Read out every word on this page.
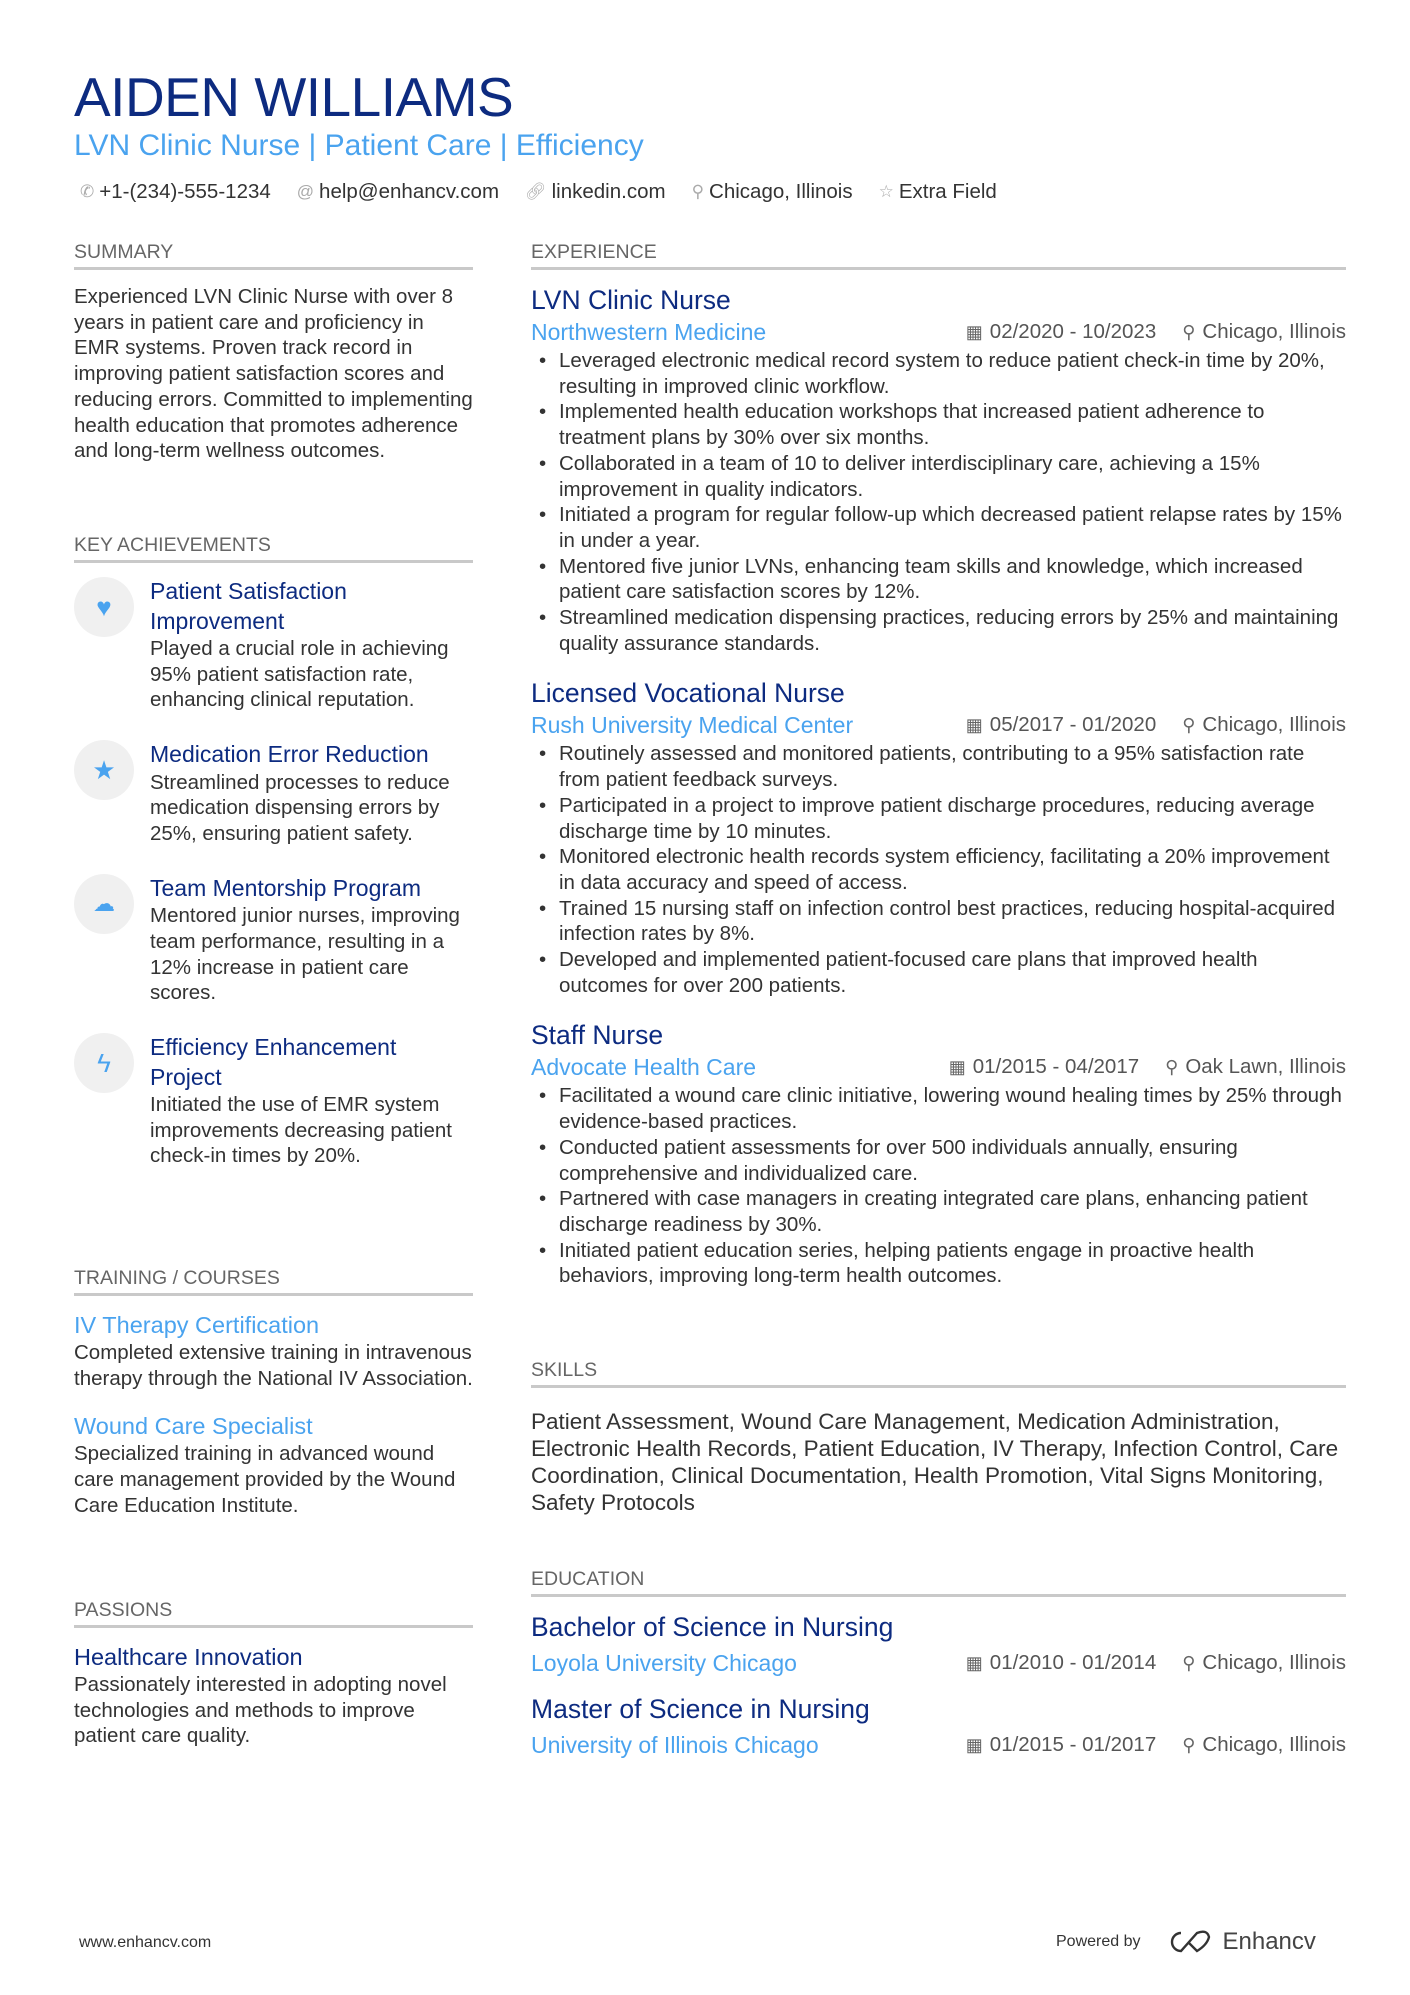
AIDEN WILLIAMS
LVN Clinic Nurse | Patient Care | Efficiency
✆ +1-(234)-555-1234 @ help@enhancv.com 🔗︎ linkedin.com ⚲ Chicago, Illinois ☆ Extra Field
SUMMARY
Experienced LVN Clinic Nurse with over 8 years in patient care and proficiency in EMR systems. Proven track record in improving patient satisfaction scores and reducing errors. Committed to implementing health education that promotes adherence and long-term wellness outcomes.
KEY ACHIEVEMENTS
♥
Patient Satisfaction Improvement
Played a crucial role in achieving 95% patient satisfaction rate, enhancing clinical reputation.
★
Medication Error Reduction
Streamlined processes to reduce medication dispensing errors by 25%, ensuring patient safety.
☁
Team Mentorship Program
Mentored junior nurses, improving team performance, resulting in a 12% increase in patient care scores.
ϟ
Efficiency Enhancement Project
Initiated the use of EMR system improvements decreasing patient check-in times by 20%.
TRAINING / COURSES
IV Therapy Certification
Completed extensive training in intravenous therapy through the National IV Association.
Wound Care Specialist
Specialized training in advanced wound care management provided by the Wound Care Education Institute.
PASSIONS
Healthcare Innovation
Passionately interested in adopting novel technologies and methods to improve patient care quality.
EXPERIENCE
LVN Clinic Nurse
Northwestern Medicine	▦ 02/2020 - 10/2023 ⚲ Chicago, Illinois
• Leveraged electronic medical record system to reduce patient check-in time by 20%, resulting in improved clinic workflow.
• Implemented health education workshops that increased patient adherence to treatment plans by 30% over six months.
• Collaborated in a team of 10 to deliver interdisciplinary care, achieving a 15% improvement in quality indicators.
• Initiated a program for regular follow-up which decreased patient relapse rates by 15% in under a year.
• Mentored five junior LVNs, enhancing team skills and knowledge, which increased patient care satisfaction scores by 12%.
• Streamlined medication dispensing practices, reducing errors by 25% and maintaining quality assurance standards.
Licensed Vocational Nurse
Rush University Medical Center	▦ 05/2017 - 01/2020 ⚲ Chicago, Illinois
• Routinely assessed and monitored patients, contributing to a 95% satisfaction rate from patient feedback surveys.
• Participated in a project to improve patient discharge procedures, reducing average discharge time by 10 minutes.
• Monitored electronic health records system efficiency, facilitating a 20% improvement in data accuracy and speed of access.
• Trained 15 nursing staff on infection control best practices, reducing hospital-acquired infection rates by 8%.
• Developed and implemented patient-focused care plans that improved health outcomes for over 200 patients.
Staff Nurse
Advocate Health Care	▦ 01/2015 - 04/2017 ⚲ Oak Lawn, Illinois
• Facilitated a wound care clinic initiative, lowering wound healing times by 25% through evidence-based practices.
• Conducted patient assessments for over 500 individuals annually, ensuring comprehensive and individualized care.
• Partnered with case managers in creating integrated care plans, enhancing patient discharge readiness by 30%.
• Initiated patient education series, helping patients engage in proactive health behaviors, improving long-term health outcomes.
SKILLS
Patient Assessment, Wound Care Management, Medication Administration, Electronic Health Records, Patient Education, IV Therapy, Infection Control, Care Coordination, Clinical Documentation, Health Promotion, Vital Signs Monitoring, Safety Protocols
EDUCATION
Bachelor of Science in Nursing
Loyola University Chicago	▦ 01/2010 - 01/2014 ⚲ Chicago, Illinois
Master of Science in Nursing
University of Illinois Chicago	▦ 01/2015 - 01/2017 ⚲ Chicago, Illinois
www.enhancv.com	Powered by	Enhancv
